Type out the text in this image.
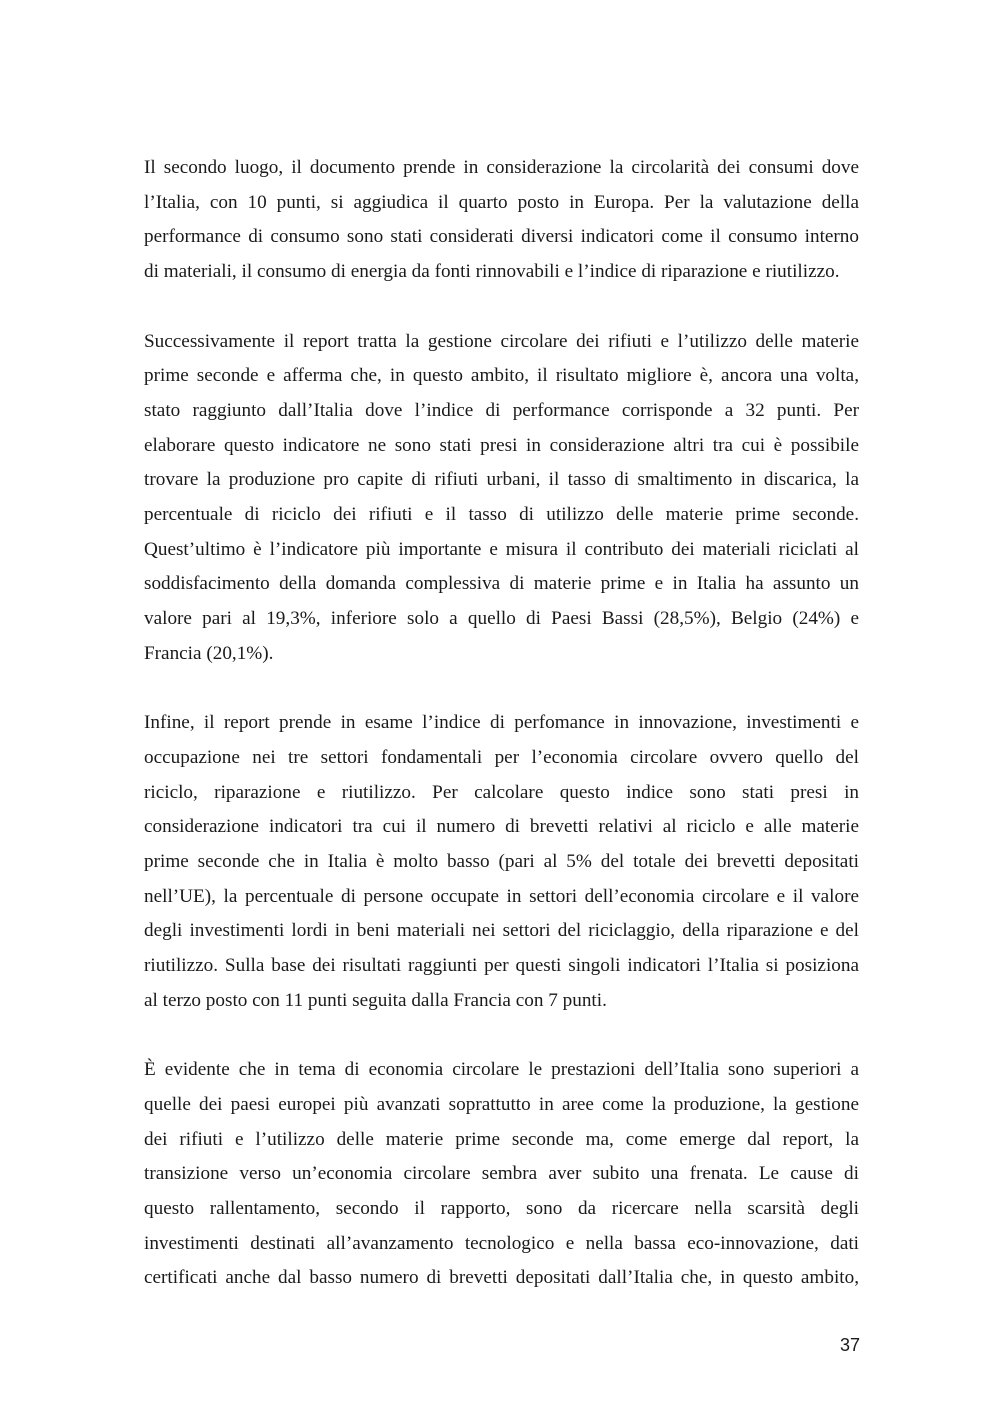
Il secondo luogo, il documento prende in considerazione la circolarità dei consumi dove
l’Italia, con 10 punti, si aggiudica il quarto posto in Europa. Per la valutazione della
performance di consumo sono stati considerati diversi indicatori come il consumo interno
di materiali, il consumo di energia da fonti rinnovabili e l’indice di riparazione e riutilizzo.

Successivamente il report tratta la gestione circolare dei rifiuti e l’utilizzo delle materie
prime seconde e afferma che, in questo ambito, il risultato migliore è, ancora una volta,
stato raggiunto dall’Italia dove l’indice di performance corrisponde a 32 punti. Per
elaborare questo indicatore ne sono stati presi in considerazione altri tra cui è possibile
trovare la produzione pro capite di rifiuti urbani, il tasso di smaltimento in discarica, la
percentuale di riciclo dei rifiuti e il tasso di utilizzo delle materie prime seconde.
Quest’ultimo è l’indicatore più importante e misura il contributo dei materiali riciclati al
soddisfacimento della domanda complessiva di materie prime e in Italia ha assunto un
valore pari al 19,3%, inferiore solo a quello di Paesi Bassi (28,5%), Belgio (24%) e
Francia (20,1%).

Infine, il report prende in esame l’indice di perfomance in innovazione, investimenti e
occupazione nei tre settori fondamentali per l’economia circolare ovvero quello del
riciclo, riparazione e riutilizzo. Per calcolare questo indice sono stati presi in
considerazione indicatori tra cui il numero di brevetti relativi al riciclo e alle materie
prime seconde che in Italia è molto basso (pari al 5% del totale dei brevetti depositati
nell’UE), la percentuale di persone occupate in settori dell’economia circolare e il valore
degli investimenti lordi in beni materiali nei settori del riciclaggio, della riparazione e del
riutilizzo. Sulla base dei risultati raggiunti per questi singoli indicatori l’Italia si posiziona
al terzo posto con 11 punti seguita dalla Francia con 7 punti.

È evidente che in tema di economia circolare le prestazioni dell’Italia sono superiori a
quelle dei paesi europei più avanzati soprattutto in aree come la produzione, la gestione
dei rifiuti e l’utilizzo delle materie prime seconde ma, come emerge dal report, la
transizione verso un’economia circolare sembra aver subito una frenata. Le cause di
questo rallentamento, secondo il rapporto, sono da ricercare nella scarsità degli
investimenti destinati all’avanzamento tecnologico e nella bassa eco-innovazione, dati
certificati anche dal basso numero di brevetti depositati dall’Italia che, in questo ambito,

37
